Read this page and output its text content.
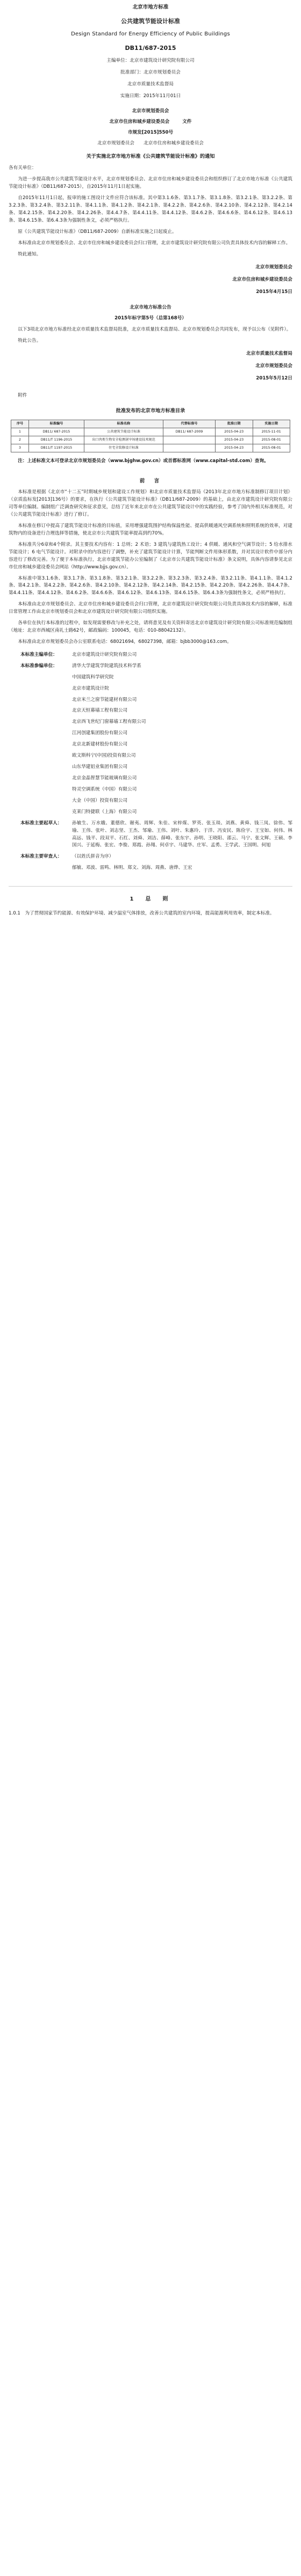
北京市地方标准
公共建筑节能设计标准
Design Standard for Energy Efficiency of Public Buildings
DB11/687-2015

主编单位：北京市建筑设计研究院有限公司

批准部门：北京市规划委员会

北京市质量技术监督局

实施日期：2015年11月01日

北京市规划委员会
北京市住房和城乡建设委员会	文件
市规发[2015]550号
北京市规划委员会　　北京市住房和城乡建设委员会
关于实施北京市地方标准《公共建筑节能设计标准》的通知

各有关单位：

为进一步提高我市公共建筑节能设计水平，北京市规划委员会、北京市住房和城乡建设委员会和组织修订了北京市地方标准《公共建筑节能设计标准》（DB11/687-2015），自2015年11月1日起实施。

自2015年11月1日起，报审的施工图设计文件应符合该标准。其中第3.1.6条、第3.1.7条、第3.1.8条、第3.2.1条、第3.2.2条、第3.2.3条、第3.2.4条、第3.2.11条、第4.1.1条、第4.1.2条、第4.2.1条、第4.2.2条、第4.2.6条、第4.2.10条、第4.2.12条、第4.2.14条、第4.2.15条、第4.2.20条、第4.2.26条、第4.4.7条、第4.4.11条、第4.4.12条、第4.6.2条、第4.6.6条、第4.6.12条、第4.6.13条、第4.6.15条、第6.4.3条为强制性条文，必须严格执行。

原《公共建筑节能设计标准》（DB11/687-2009）自新标准实施之日起废止。

本标准由北京市规划委员会、北京市住房和城乡建设委员会归口管理，北京市建筑设计研究院有限公司负责具体技术内容的解释工作。

特此通知。

北京市规划委员会

北京市住房和城乡建设委员会

2015年4月15日

北京市地方标准公告
2015年标字第5号（总第168号）

以下3项北京市地方标准经北京市质量技术监督局批准，北京市质量技术监督局、北京市规划委员会共同发布，现予以公布（见附件）。

特此公告。

北京市质量技术监督局

北京市规划委员会

2015年5月12日

附件

批准发布的北京市地方标准目录
序号	标准编号	标准名称	代替标准号	批准日期	实施日期
1	DB11/ 687-2015	公共建筑节能设计标准	DB11/ 687-2009	2015-04-23	2015-11-01
2	DB11/T 1196-2015	出口肉类生物安全检测屠宰场建设技术规范		2015-04-23	2015-08-01
3	DB11/T 1197-2015	住宅全装修设计标准		2015-04-23	2015-08-01

注：上述标准文本可登录北京市规划委员会（www.bjghw.gov.cn）或首都标准网（www.capital-std.com）查询。

前　言

本标准是根据《北京市“十二五”时期城乡规划和建设工作规划》和北京市质量技术监督局《2013年北京市地方标准制修订项目计划》（京质监标发[2013]136号）的要求，在执行《公共建筑节能设计标准》（DB11/687-2009）的基础上，由北京市建筑设计研究院有限公司等单位编制。编制组广泛调查研究和征求意见，总结了近年来北京市在公共建筑节能设计中的实践经验，参考了国内外相关标准规范，对《公共建筑节能设计标准》进行了修订。

本标准在修订中提高了建筑节能设计标准的目标值，采用增强建筑围护结构保温性能、提高供暖通风空调系统和照明系统的效率，对建筑物内的设备进行合理选择等措施，使北京市公共建筑节能率提高到约70%。

本标准共分6章和4个附录。其主要技术内容有：1 总则；2 术语；3 建筑与建筑热工设计；4 供暖、通风和空气调节设计；5 给水排水节能设计；6 电气节能设计。对附录中的内容进行了调整，补充了建筑节能设计计算，节能判断文件用体形系数，并对其设计软件中部分内容进行了修改完善。为了便于本标准执行，北京市建筑节能办公室编制了《北京市公共建筑节能设计标准》条文说明，具体内容请参见北京市住房和城乡建设委员会网站（http://www.bjjs.gov.cn）。

本标准中第3.1.6条、第3.1.7条、第3.1.8条、第3.2.1条、第3.2.2条、第3.2.3条、第3.2.4条、第3.2.11条、第4.1.1条、第4.1.2条、第4.2.1条、第4.2.2条、第4.2.6条、第4.2.10条、第4.2.12条、第4.2.14条、第4.2.15条、第4.2.20条、第4.2.26条、第4.4.7条、第4.4.11条、第4.4.12条、第4.6.2条、第4.6.6条、第4.6.12条、第4.6.13条、第4.6.15条、第6.4.3条为强制性条文，必须严格执行。

本标准由北京市规划委员会、北京市住房和城乡建设委员会归口管理，北京市建筑设计研究院有限公司负责具体技术内容的解释，标准日常管理工作由北京市规划委员会和北京市建筑设计研究院有限公司组织实施。

各单位在执行本标准的过程中，如发现需要修改与补充之处，请将意见及有关资料寄送北京市建筑设计研究院有限公司标准规范编制组（地址：北京市西城区南礼士路62号，邮政编码：100045，电话：010-88042132）。

本标准由北京市规划委员会办公室联系电话：68021694，68027398，邮箱：bjbb3000@163.com。

本标准主编单位：	北京市建筑设计研究院有限公司
本标准参编单位：	清华大学建筑学院建筑技术科学系

中国建筑科学研究院

北京市建筑设计院

北京米兰之窗节能建材有限公司

北京天恒幕墙工程有限公司

北京西飞世纪门窗幕墙工程有限公司

江河创建集团股份有限公司

北京北新建材股份有限公司

欧文斯科宁(中国)投资有限公司

山东华建铝业集团有限公司

北京金晶智慧节能玻璃有限公司

特灵空调系统（中国）有限公司

大金（中国）投资有限公司

克莱门特捷联（上海）有限公司

本标准主要起草人：	孙敏生、万水娥、董德欣、谢夷、周辉、朱佳、宋梓煤、罗英、张玉琰、刘燕、黄舜、钱三凤、徐伟、邹瑜、王伟、张叶、刘志坚、王杰、邹瑜、王伟、刘叶、朱惠玲、于洋、冯安民、陈俭宇、王宝如、何伟、林高远、钱平、段双平、石红、刘舜、刘洁、薛峰、张东宇、孙明、王晓阳、邵云、马宁、张文辉、王硕、李国兴、于延梅、张宏、李俊、郑霞、孙翔、何卓宇、马建华、庄军、孟勇、王学武、王国明、何旭
本标准主要审查人：	（以姓氏拼音为序）

郁敏、邓波、雷鸣、林明、郑文、刘海、周燕、唐烨、王宏

1　总　则

1.0.1　为了贯彻国家节约能源、有效保护环境、减少温室气体排放，改善公共建筑的室内环境，提高能源利用效率，制定本标准。
